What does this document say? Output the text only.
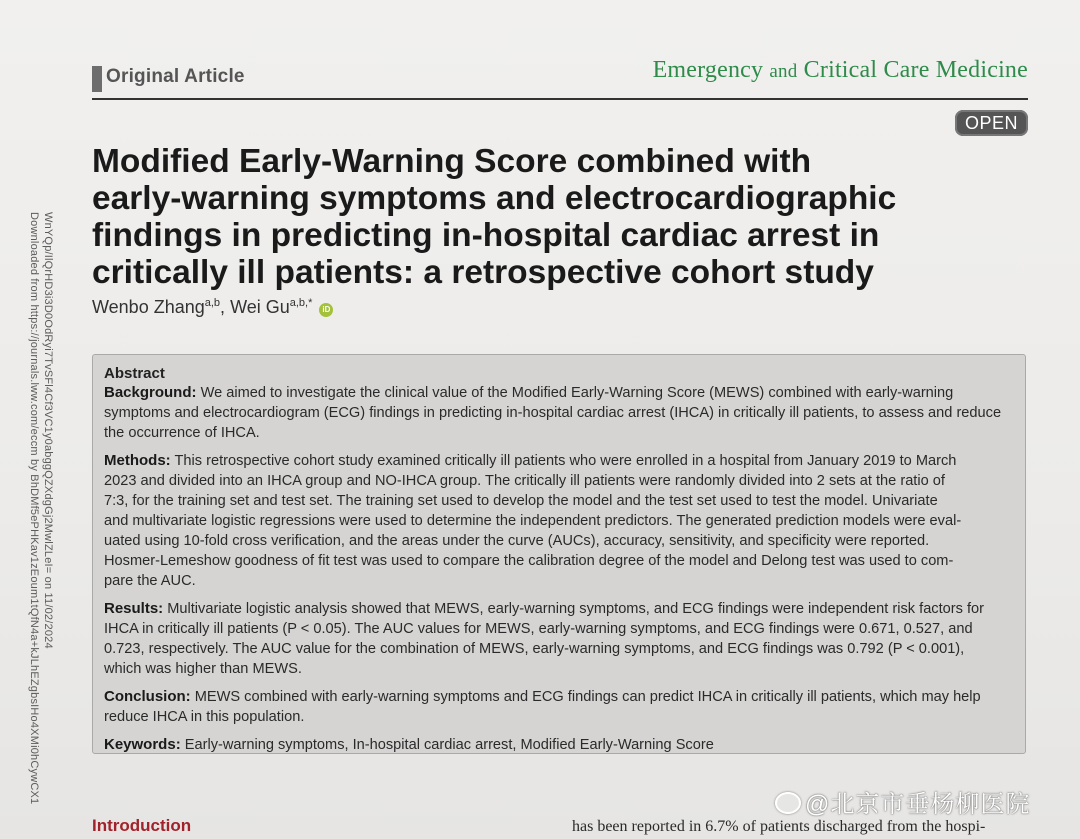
Downloaded from https://journals.lww.com/eccm by BhDMf5ePHKav1zEoum1tQfN4a+kJLhEZgbsIHo4XMi0hCywCX1 WnYQp/IlQrHD3i3D0OdRyi7TvSFl4Cf3VC1y0abggQZXdgGj2MwlZLeI= on 11/02/2024
Original Article	Emergency and Critical Care Medicine
OPEN
Modified Early-Warning Score combined with
early-warning symptoms and electrocardiographic
findings in predicting in-hospital cardiac arrest in
critically ill patients: a retrospective cohort study
Wenbo Zhang$^{a,b}$, Wei $Gu^{a,b,*}$ iD
Abstract
Background: We aimed to investigate the clinical value of the Modified Early-Warning Score (MEWS) combined with early-warning
symptoms and electrocardiogram (ECG) findings in predicting in-hospital cardiac arrest (IHCA) in critically ill patients, to assess and reduce
the occurrence of IHCA.
Methods: This retrospective cohort study examined critically ill patients who were enrolled in a hospital from January 2019 to March
2023 and divided into an IHCA group and NO-IHCA group. The critically ill patients were randomly divided into 2 sets at the ratio of
7:3, for the training set and test set. The training set used to develop the model and the test set used to test the model. Univariate
and multivariate logistic regressions were used to determine the independent predictors. The generated prediction models were eval-
uated using 10-fold cross verification, and the areas under the curve (AUCs), accuracy, sensitivity, and specificity were reported.
Hosmer-Lemeshow goodness of fit test was used to compare the calibration degree of the model and Delong test was used to com-
pare the AUC.
Results: Multivariate logistic analysis showed that MEWS, early-warning symptoms, and ECG findings were independent risk factors for
IHCA in critically ill patients (P < 0.05). The AUC values for MEWS, early-warning symptoms, and ECG findings were 0.671, 0.527, and
0.723, respectively. The AUC value for the combination of MEWS, early-warning symptoms, and ECG findings was 0.792 (P < 0.001),
which was higher than MEWS.
Conclusion: MEWS combined with early-warning symptoms and ECG findings can predict IHCA in critically ill patients, which may help
reduce IHCA in this population.
Keywords: Early-warning symptoms, In-hospital cardiac arrest, Modified Early-Warning Score
@北京市垂杨柳医院
Introduction	has been reported in 6.7% of patients discharged from the hospi-
